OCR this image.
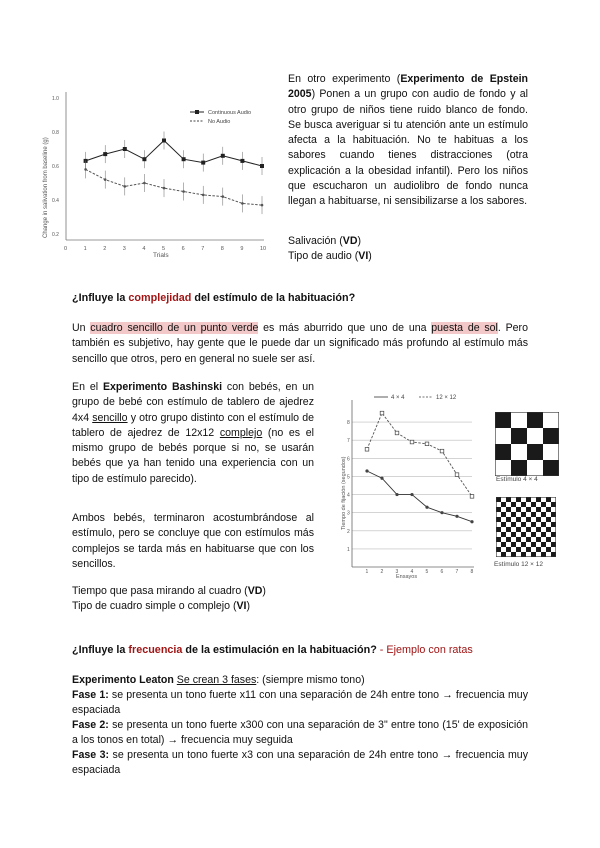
0	1	2	3	4	5	6	7	8	9	10
1.0
0.8
0.6
0.4
0.2
Change in salivation from baseline (g)
Trials
Continuous Audio
No Audio
En otro experimento (Experimento de Epstein 2005) Ponen a un grupo con audio de fondo y al otro grupo de niños tiene ruido blanco de fondo. Se busca averiguar si tu atención ante un estímulo afecta a la habituación. No te habituas a los sabores cuando tienes distracciones (otra explicación a la obesidad infantil). Pero los niños que escucharon un audiolibro de fondo nunca llegan a habituarse, ni sensibilizarse a los sabores.
Salivación (VD)
Tipo de audio (VI)
¿Influye la complejidad del estímulo de la habituación?
Un cuadro sencillo de un punto verde es más aburrido que uno de una puesta de sol. Pero también es subjetivo, hay gente que le puede dar un significado más profundo al estímulo más sencillo que otros, pero en general no suele ser así.
En el Experimento Bashinski con bebés, en un grupo de bebé con estímulo de tablero de ajedrez 4x4 sencillo y otro grupo distinto con el estímulo de tablero de ajedrez de 12x12 complejo (no es el mismo grupo de bebés porque si no, se usarán bebés que ya han tenido una experiencia con un tipo de estímulo parecido).
Ambos bebés, terminaron acostumbrándose al estímulo, pero se concluye que con estímulos más complejos se tarda más en habituarse que con los sencillos.
Tiempo que pasa mirando al cuadro (VD)
Tipo de cuadro simple o complejo (VI)
8
7
6
5
4
3
2
1
1 2 3 4 5 6 7 8
Tiempo de fijación (segundos)
Ensayos
4 × 4	12 × 12
Estímulo 4 × 4
Estímulo 12 × 12
¿Influye la frecuencia de la estimulación en la habituación? - Ejemplo con ratas
Experimento Leaton Se crean 3 fases: (siempre mismo tono)
Fase 1: se presenta un tono fuerte x11 con una separación de 24h entre tono → frecuencia muy espaciada
Fase 2: se presenta un tono fuerte x300 con una separación de 3" entre tono (15' de exposición a los tonos en total) → frecuencia muy seguida
Fase 3: se presenta un tono fuerte x3 con una separación de 24h entre tono → frecuencia muy espaciada
